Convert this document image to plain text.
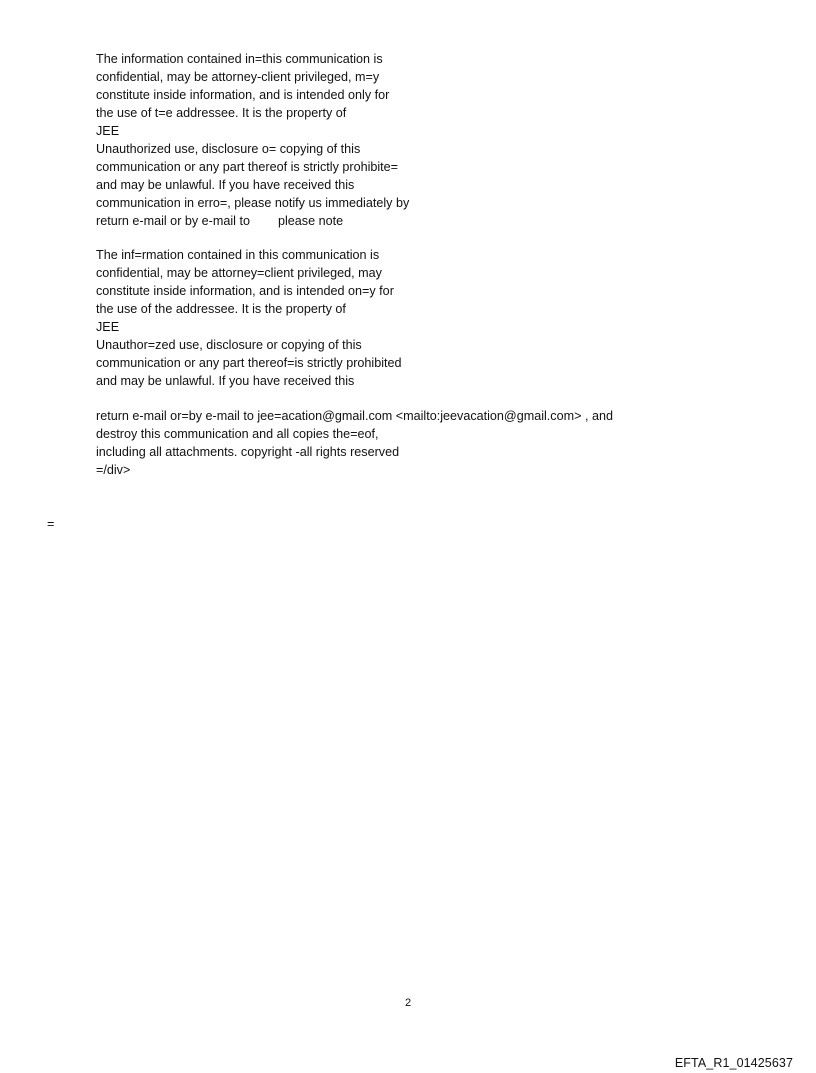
The information contained in=this communication is
confidential, may be attorney-client privileged, m=y
constitute inside information, and is intended only for
the use of t=e addressee. It is the property of
JEE
Unauthorized use, disclosure o= copying of this
communication or any part thereof is strictly prohibite=
and may be unlawful. If you have received this
communication in erro=, please notify us immediately by
return e-mail or by e-mail to        please note
The inf=rmation contained in this communication is
confidential, may be attorney=client privileged, may
constitute inside information, and is intended on=y for
the use of the addressee. It is the property of
JEE
Unauthor=zed use, disclosure or copying of this
communication or any part thereof=is strictly prohibited
and may be unlawful. If you have received this
return e-mail or=by e-mail to jee=acation@gmail.com <mailto:jeevacation@gmail.com> , and
destroy this communication and all copies the=eof,
including all attachments. copyright -all rights reserved
=/div>
=
2
EFTA_R1_01425637
